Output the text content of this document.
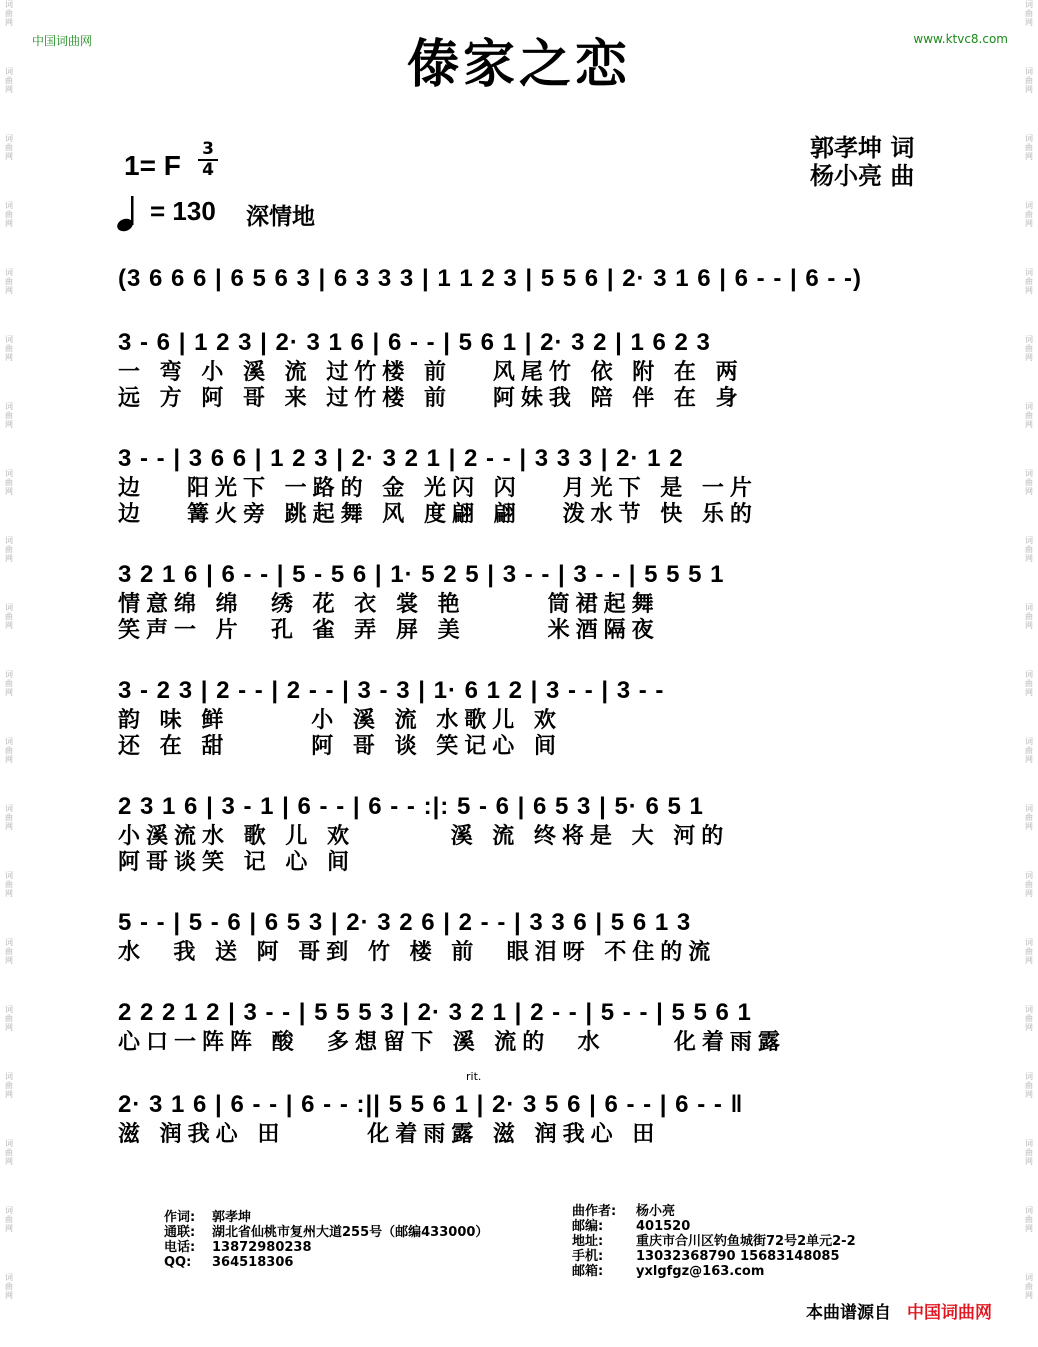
词
曲
网
词
曲
网
词
曲
网
词
曲
网
词
曲
网
词
曲
网
词
曲
网
词
曲
网
词
曲
网
词
曲
网
词
曲
网
词
曲
网
词
曲
网
词
曲
网
词
曲
网
词
曲
网
词
曲
网
词
曲
网
词
曲
网
词
曲
网
词
曲
网
词
曲
网
词
曲
网
词
曲
网
词
曲
网
词
曲
网
词
曲
网
词
曲
网
词
曲
网
词
曲
网
词
曲
网
词
曲
网
词
曲
网
词
曲
网
词
曲
网
词
曲
网
词
曲
网
词
曲
网
词
曲
网
词
曲
网
中国词曲网	www.ktvc8.com
傣家之恋
郭孝坤 词
杨小亮 曲
1= F
3
4
= 130 深情地
(3 6 6 6 | 6 5 6 3 | 6 3 3 3 | 1 1 2 3 | 5 5 6 | 2· 3 1 6 | 6 - - | 6 - -)
3 - 6 | 1 2 3 | 2· 3 1 6 | 6 - - | 5 6 1 | 2· 3 2 | 1 6 2 3
一 弯 小 溪 流 过竹楼 前   风尾竹 依 附 在 两
远 方 阿 哥 来 过竹楼 前   阿妹我 陪 伴 在 身
3 - - | 3 6 6 | 1 2 3 | 2· 3 2 1 | 2 - - | 3 3 3 | 2· 1 2
边   阳光下 一路的 金 光闪 闪   月光下 是 一片
边   篝火旁 跳起舞 风 度翩 翩   泼水节 快 乐的
3 2 1 6 | 6 - - | 5 - 5 6 | 1· 5 2 5 | 3 - - | 3 - - | 5 5 5 1
情意绵 绵  绣 花 衣 裳 艳      筒裙起舞
笑声一 片  孔 雀 弄 屏 美      米酒隔夜
3 - 2 3 | 2 - - | 2 - - | 3 - 3 | 1· 6 1 2 | 3 - - | 3 - -
韵 味 鲜      小 溪 流 水歌儿 欢
还 在 甜      阿 哥 谈 笑记心 间
2 3 1 6 | 3 - 1 | 6 - - | 6 - - :|: 5 - 6 | 6 5 3 | 5· 6 5 1
小溪流水 歌 儿 欢       溪 流 终将是 大 河的
阿哥谈笑 记 心 间
5 - - | 5 - 6 | 6 5 3 | 2· 3 2 6 | 2 - - | 3 3 6 | 5 6 1 3
水  我 送 阿 哥到 竹 楼 前  眼泪呀 不住的流
2 2 2 1 2 | 3 - - | 5 5 5 3 | 2· 3 2 1 | 2 - - | 5 - - | 5 5 6 1
心口一阵阵 酸  多想留下 溪 流的  水     化着雨露
rit.
2· 3 1 6 | 6 - - | 6 - - :|| 5 5 6 1 | 2· 3 5 6 | 6 - - | 6 - - ‖
滋 润我心 田      化着雨露 滋 润我心 田
作词: 郭孝坤
通联: 湖北省仙桃市复州大道255号（邮编433000）
电话: 13872980238
QQ: 364518306
曲作者: 杨小亮
邮编:	401520
地址:	重庆市合川区钓鱼城街72号2单元2-2
手机:	13032368790 15683148085
邮箱:	yxlgfgz@163.com
本曲谱源自 中国词曲网
